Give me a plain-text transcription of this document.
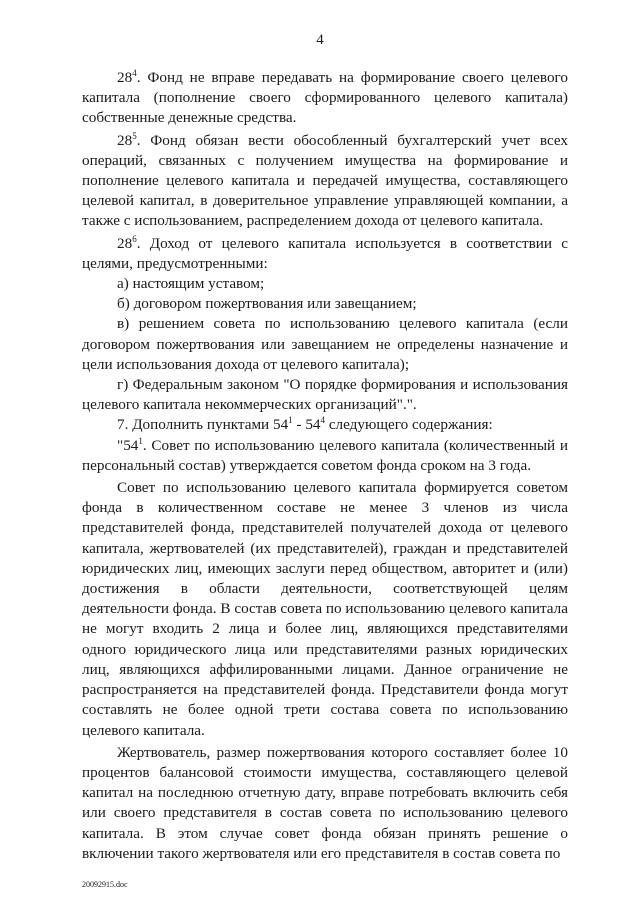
4

$28^4$. Фонд не вправе передавать на формирование своего целевого капитала (пополнение своего сформированного целевого капитала) собственные денежные средства.

$28^5$. Фонд обязан вести обособленный бухгалтерский учет всех операций, связанных с получением имущества на формирование и пополнение целевого капитала и передачей имущества, составляющего целевой капитал, в доверительное управление управляющей компании, а также с использованием, распределением дохода от целевого капитала.

$28^6$. Доход от целевого капитала используется в соответствии с целями, предусмотренными:

а) настоящим уставом;

б) договором пожертвования или завещанием;

в) решением совета по использованию целевого капитала (если договором пожертвования или завещанием не определены назначение и цели использования дохода от целевого капитала);

г) Федеральным законом "О порядке формирования и использования целевого капитала некоммерческих организаций".".

7. Дополнить пунктами $54^1 - 54^4$ следующего содержания:

"$54^1$. Совет по использованию целевого капитала (количественный и персональный состав) утверждается советом фонда сроком на 3 года.

Совет по использованию целевого капитала формируется советом фонда в количественном составе не менее 3 членов из числа представителей фонда, представителей получателей дохода от целевого капитала, жертвователей (их представителей), граждан и представителей юридических лиц, имеющих заслуги перед обществом, авторитет и (или) достижения в области деятельности, соответствующей целям деятельности фонда. В состав совета по использованию целевого капитала не могут входить 2 лица и более лиц, являющихся представителями одного юридического лица или представителями разных юридических лиц, являющихся аффилированными лицами. Данное ограничение не распространяется на представителей фонда. Представители фонда могут составлять не более одной трети состава совета по использованию целевого капитала.

Жертвователь, размер пожертвования которого составляет более 10 процентов балансовой стоимости имущества, составляющего целевой капитал на последнюю отчетную дату, вправе потребовать включить себя или своего представителя в состав совета по использованию целевого капитала. В этом случае совет фонда обязан принять решение о включении такого жертвователя или его представителя в состав совета по

20092915.doc
